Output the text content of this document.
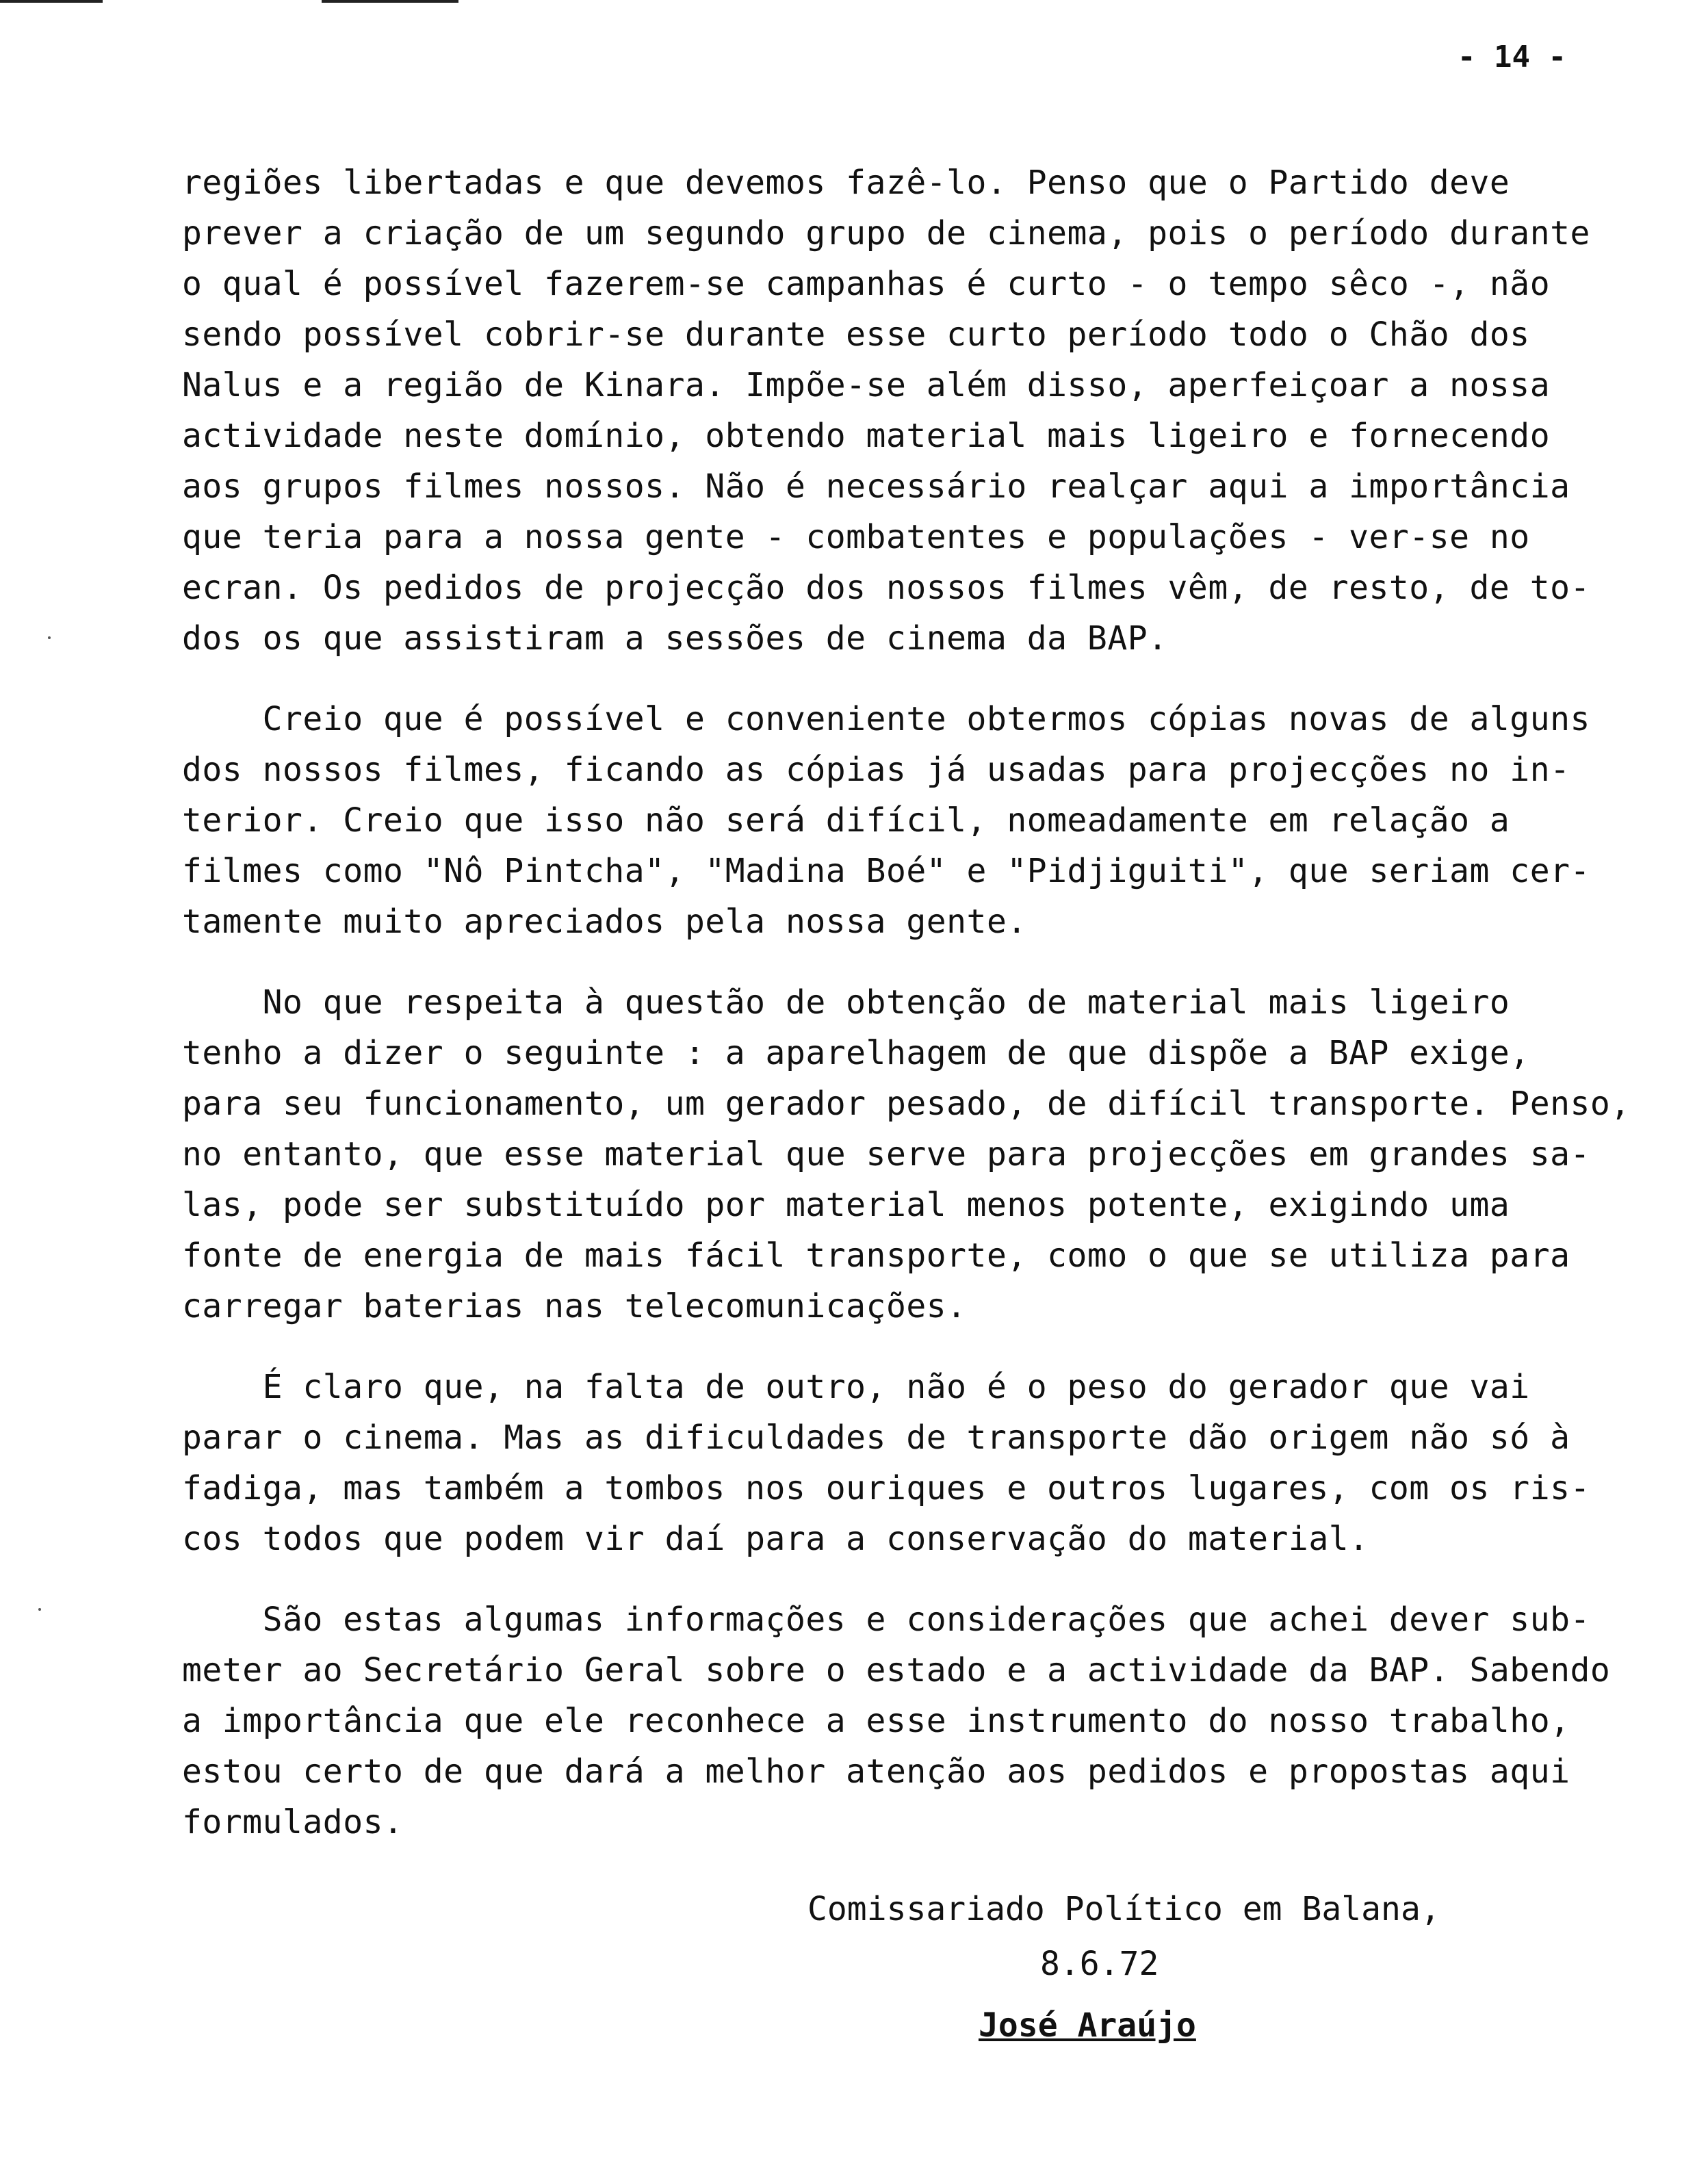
- 14 -
regiões libertadas e que devemos fazê-lo. Penso que o Partido deve
prever a criação de um segundo grupo de cinema, pois o período durante
o qual é possível fazerem-se campanhas é curto - o tempo sêco -, não
sendo possível cobrir-se durante esse curto período todo o Chão dos
Nalus e a região de Kinara. Impõe-se além disso, aperfeiçoar a nossa
actividade neste domínio, obtendo material mais ligeiro e fornecendo
aos grupos filmes nossos. Não é necessário realçar aqui a importância
que teria para a nossa gente - combatentes e populações - ver-se no
ecran. Os pedidos de projecção dos nossos filmes vêm, de resto, de to-
dos os que assistiram a sessões de cinema da BAP.
Creio que é possível e conveniente obtermos cópias novas de alguns
dos nossos filmes, ficando as cópias já usadas para projecções no in-
terior. Creio que isso não será difícil, nomeadamente em relação a
filmes como "Nô Pintcha", "Madina Boé" e "Pidjiguiti", que seriam cer-
tamente muito apreciados pela nossa gente.
No que respeita à questão de obtenção de material mais ligeiro
tenho a dizer o seguinte : a aparelhagem de que dispõe a BAP exige,
para seu funcionamento, um gerador pesado, de difícil transporte. Penso,
no entanto, que esse material que serve para projecções em grandes sa-
las, pode ser substituído por material menos potente, exigindo uma
fonte de energia de mais fácil transporte, como o que se utiliza para
carregar baterias nas telecomunicações.
É claro que, na falta de outro, não é o peso do gerador que vai
parar o cinema. Mas as dificuldades de transporte dão origem não só à
fadiga, mas também a tombos nos ouriques e outros lugares, com os ris-
cos todos que podem vir daí para a conservação do material.
São estas algumas informações e considerações que achei dever sub-
meter ao Secretário Geral sobre o estado e a actividade da BAP. Sabendo
a importância que ele reconhece a esse instrumento do nosso trabalho,
estou certo de que dará a melhor atenção aos pedidos e propostas aqui
formulados.
Comissariado Político em Balana,
8.6.72
José Araújo
